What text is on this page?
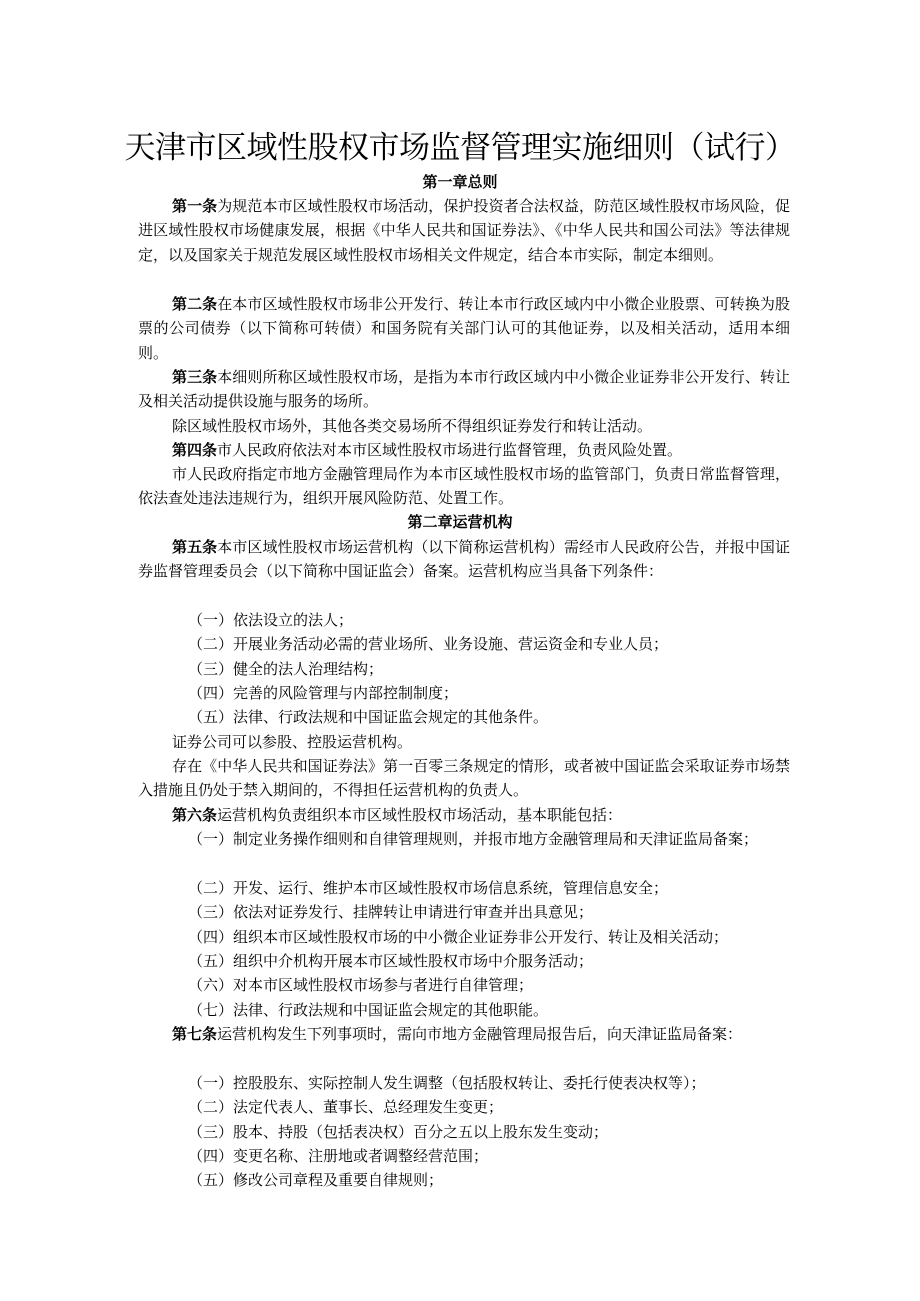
天津市区域性股权市场监督管理实施细则（试行）
第一章总则

第一条为规范本市区域性股权市场活动，保护投资者合法权益，防范区域性股权市场风险，促进区域性股权市场健康发展，根据《中华人民共和国证券法》、《中华人民共和国公司法》等法律规定，以及国家关于规范发展区域性股权市场相关文件规定，结合本市实际，制定本细则。

第二条在本市区域性股权市场非公开发行、转让本市行政区域内中小微企业股票、可转换为股票的公司债券（以下简称可转债）和国务院有关部门认可的其他证券，以及相关活动，适用本细则。

第三条本细则所称区域性股权市场，是指为本市行政区域内中小微企业证券非公开发行、转让及相关活动提供设施与服务的场所。

除区域性股权市场外，其他各类交易场所不得组织证券发行和转让活动。

第四条市人民政府依法对本市区域性股权市场进行监督管理，负责风险处置。

市人民政府指定市地方金融管理局作为本市区域性股权市场的监管部门，负责日常监督管理，依法查处违法违规行为，组织开展风险防范、处置工作。

第二章运营机构

第五条本市区域性股权市场运营机构（以下简称运营机构）需经市人民政府公告，并报中国证券监督管理委员会（以下简称中国证监会）备案。运营机构应当具备下列条件：

（一）依法设立的法人；

（二）开展业务活动必需的营业场所、业务设施、营运资金和专业人员；

（三）健全的法人治理结构；

（四）完善的风险管理与内部控制制度；

（五）法律、行政法规和中国证监会规定的其他条件。

证券公司可以参股、控股运营机构。

存在《中华人民共和国证券法》第一百零三条规定的情形，或者被中国证监会采取证券市场禁入措施且仍处于禁入期间的，不得担任运营机构的负责人。

第六条运营机构负责组织本市区域性股权市场活动，基本职能包括：

（一）制定业务操作细则和自律管理规则，并报市地方金融管理局和天津证监局备案；

（二）开发、运行、维护本市区域性股权市场信息系统，管理信息安全；

（三）依法对证券发行、挂牌转让申请进行审查并出具意见；

（四）组织本市区域性股权市场的中小微企业证券非公开发行、转让及相关活动；

（五）组织中介机构开展本市区域性股权市场中介服务活动；

（六）对本市区域性股权市场参与者进行自律管理；

（七）法律、行政法规和中国证监会规定的其他职能。

第七条运营机构发生下列事项时，需向市地方金融管理局报告后，向天津证监局备案：

（一）控股股东、实际控制人发生调整（包括股权转让、委托行使表决权等）；

（二）法定代表人、董事长、总经理发生变更；

（三）股本、持股（包括表决权）百分之五以上股东发生变动；

（四）变更名称、注册地或者调整经营范围；

（五）修改公司章程及重要自律规则；
